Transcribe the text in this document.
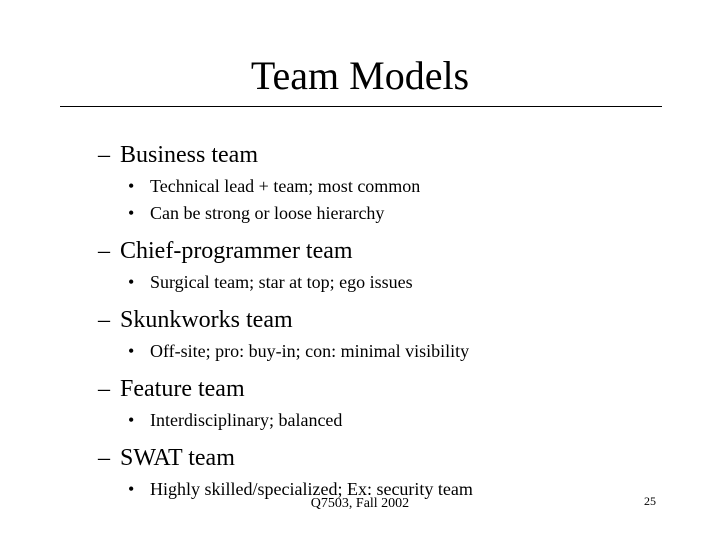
Team Models
– Business team
• Technical lead + team; most common
• Can be strong or loose hierarchy
– Chief-programmer team
• Surgical team; star at top; ego issues
– Skunkworks team
• Off-site; pro: buy-in; con: minimal visibility
– Feature team
• Interdisciplinary; balanced
– SWAT team
• Highly skilled/specialized; Ex: security team
Q7503, Fall 2002	25
